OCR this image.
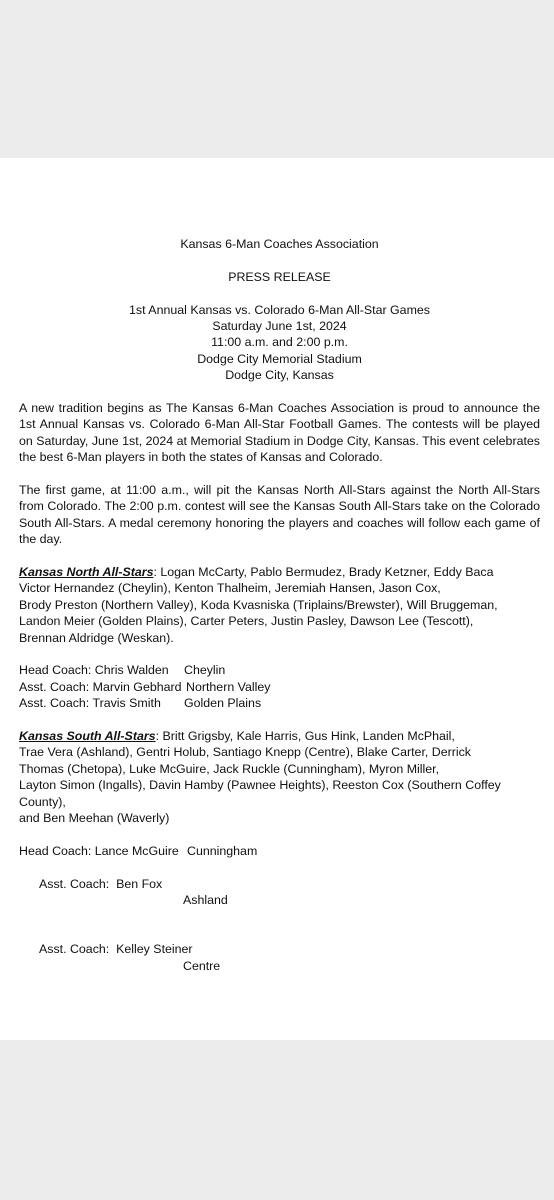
Kansas 6-Man Coaches Association

PRESS RELEASE

1st Annual Kansas vs. Colorado 6-Man All-Star Games

Saturday June 1st, 2024

11:00 a.m. and 2:00 p.m.

Dodge City Memorial Stadium

Dodge City, Kansas

A new tradition begins as The Kansas 6-Man Coaches Association is proud to announce the 1st Annual Kansas vs. Colorado 6-Man All-Star Football Games. The contests will be played on Saturday, June 1st, 2024 at Memorial Stadium in Dodge City, Kansas. This event celebrates the best 6-Man players in both the states of Kansas and Colorado.

The first game, at 11:00 a.m., will pit the Kansas North All-Stars against the North All-Stars from Colorado. The 2:00 p.m. contest will see the Kansas South All-Stars take on the Colorado South All-Stars. A medal ceremony honoring the players and coaches will follow each game of the day.

Kansas North All-Stars: Logan McCarty, Pablo Bermudez, Brady Ketzner, Eddy Baca

Victor Hernandez (Cheylin), Kenton Thalheim, Jeremiah Hansen, Jason Cox,

Brody Preston (Northern Valley), Koda Kvasniska (Triplains/Brewster), Will Bruggeman,

Landon Meier (Golden Plains), Carter Peters, Justin Pasley, Dawson Lee (Tescott),

Brennan Aldridge (Weskan).

Head Coach: Chris Walden Cheylin
Asst. Coach: Marvin Gebhard Northern Valley
Asst. Coach: Travis Smith Golden Plains

Kansas South All-Stars: Britt Grigsby, Kale Harris, Gus Hink, Landen McPhail,

Trae Vera (Ashland), Gentri Holub, Santiago Knepp (Centre), Blake Carter, Derrick

Thomas (Chetopa), Luke McGuire, Jack Ruckle (Cunningham), Myron Miller,

Layton Simon (Ingalls), Davin Hamby (Pawnee Heights), Reeston Cox (Southern Coffey

County),

and Ben Meehan (Waverly)

Head Coach: Lance McGuire Cunningham

Asst. Coach:  Ben Fox

Ashland

Asst. Coach:  Kelley Steiner

Centre
